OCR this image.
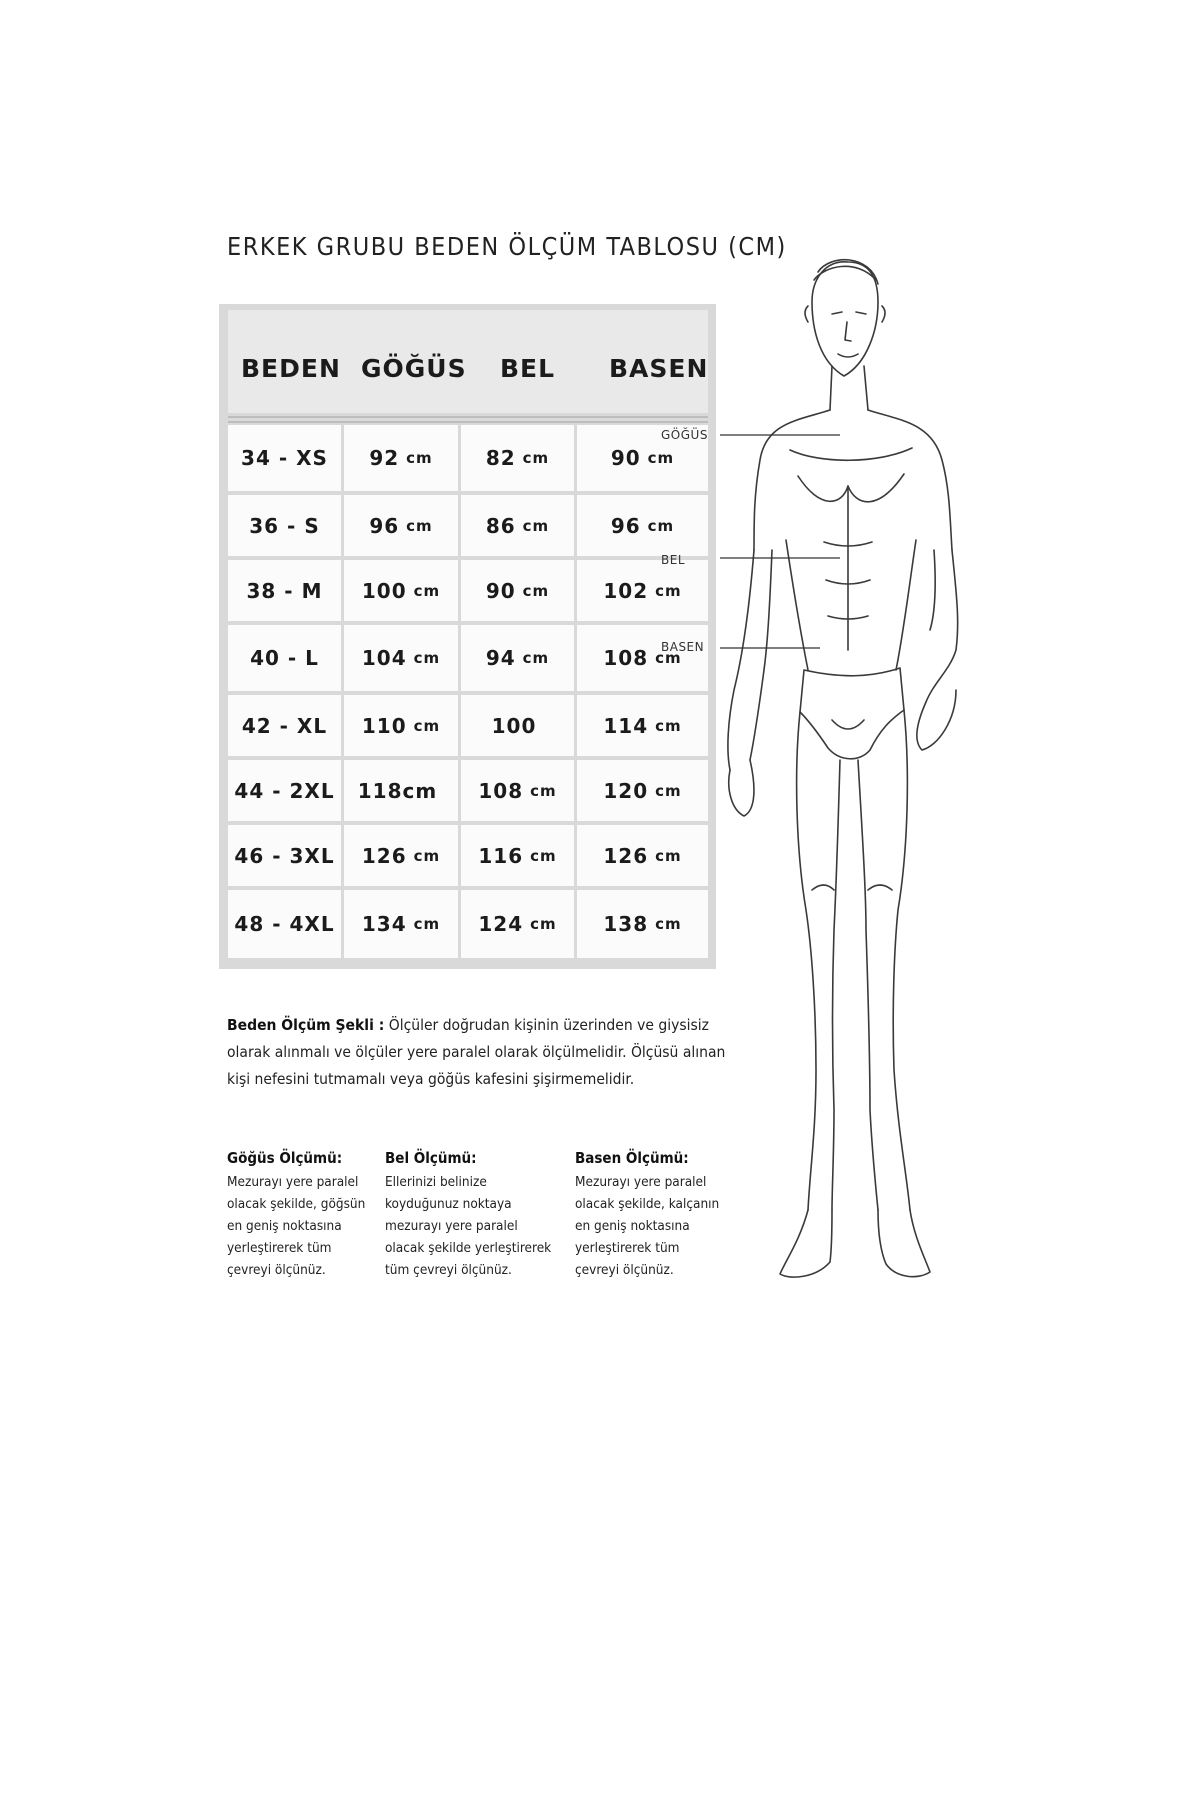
ERKEK GRUBU BEDEN ÖLÇÜM TABLOSU (CM)
BEDEN GÖĞÜS BEL BASEN
34 - XS 92 cm	82 cm	90 cm
36 - S 96 cm	86 cm	96 cm
38 - M 100 cm 90 cm	102 cm
40 - L 104 cm 94 cm	108 cm
42 - XL 110 cm	100	114 cm
44 - 2XL 118cm 108 cm 120 cm
46 - 3XL 126 cm 116 cm 126 cm
48 - 4XL 134 cm 124 cm 138 cm
GÖĞÜS
BEL
BASEN
Beden Ölçüm Şekli : Ölçüler doğrudan kişinin üzerinden ve giysisiz
olarak alınmalı ve ölçüler yere paralel olarak ölçülmelidir. Ölçüsü alınan
kişi nefesini tutmamalı veya göğüs kafesini şişirmemelidir.
Göğüs Ölçümü:
Mezurayı yere paralel
olacak şekilde, göğsün
en geniş noktasına
yerleştirerek tüm
çevreyi ölçünüz.
Bel Ölçümü:
Ellerinizi belinize
koyduğunuz noktaya
mezurayı yere paralel
olacak şekilde yerleştirerek
tüm çevreyi ölçünüz.
Basen Ölçümü:
Mezurayı yere paralel
olacak şekilde, kalçanın
en geniş noktasına
yerleştirerek tüm
çevreyi ölçünüz.
